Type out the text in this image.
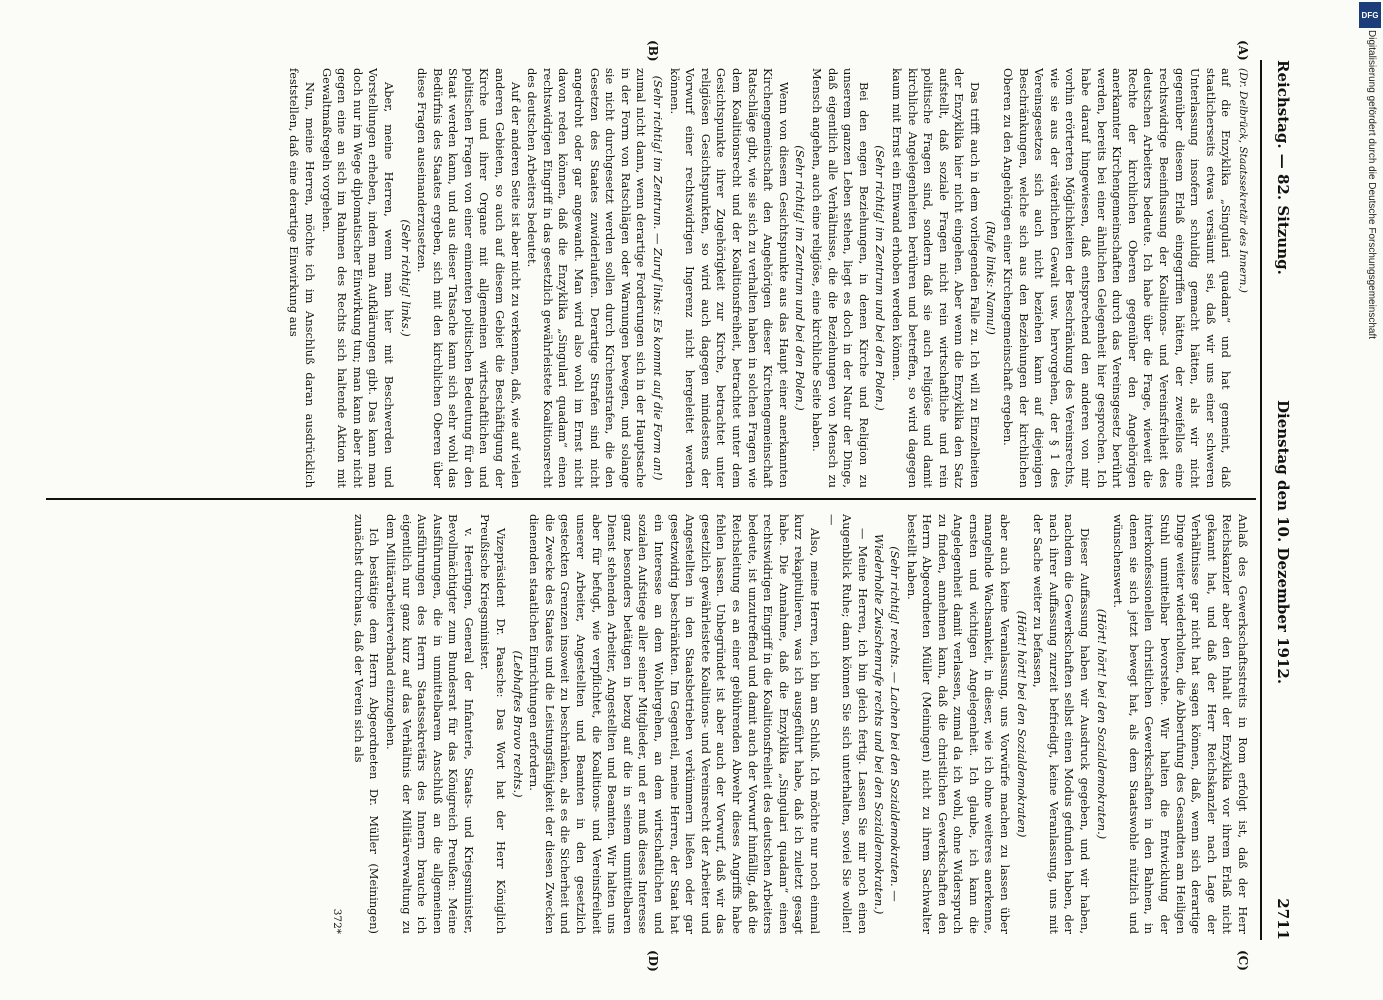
Reichstag. — 82. Sitzung.
Dienstag den 10. Dezember 1912.
2711
(A)
(B)
(C)
(D)

(Dr. Delbrück, Staatssekretär des Innern.)

auf die Enzyklika „Singulari quadam“ und hat gemeint, daß staatlicherseits etwas versäumt sei, daß wir uns einer schweren Unterlassung insofern schuldig gemacht hätten, als wir nicht gegenüber diesem Erlaß eingegriffen hätten, der zweifellos eine rechtswidrige Beeinflussung der Koalitions- und Vereinsfreiheit des deutschen Arbeiters bedeute. Ich habe über die Frage, wieweit die Rechte der kirchlichen Oberen gegenüber den Angehörigen anerkannter Kirchengemeinschaften durch das Vereinsgesetz berührt werden, bereits bei einer ähnlichen Gelegenheit hier gesprochen. Ich habe darauf hingewiesen, daß entsprechend den anderen von mir vorhin erörterten Möglichkeiten der Beschränkung des Vereinsrechts, wie sie aus der väterlichen Gewalt usw. hervorgehen, der § 1 des Vereinsgesetzes sich auch nicht beziehen kann auf diejenigen Beschränkungen, welche sich aus den Beziehungen der kirchlichen Oberen zu den Angehörigen einer Kirchengemeinschaft ergeben.

(Rufe links: Namu!)

Das trifft auch in dem vorliegenden Falle zu. Ich will zu Einzelheiten der Enzyklika hier nicht eingehen. Aber wenn die Enzyklika den Satz aufstellt, daß soziale Fragen nicht rein wirtschaftliche und rein politische Fragen sind, sondern daß sie auch religiöse und damit kirchliche Angelegenheiten berühren und betreffen, so wird dagegen kaum mit Ernst ein Einwand erhoben werden können.

(Sehr richtig! im Zentrum und bei den Polen.)

Bei den engen Beziehungen, in denen Kirche und Religion zu unserem ganzen Leben stehen, liegt es doch in der Natur der Dinge, daß eigentlich alle Verhältnisse, die die Beziehungen von Mensch zu Mensch angehen, auch eine religiöse, eine kirchliche Seite haben.

(Sehr richtig! im Zentrum und bei den Polen.)

Wenn von diesem Gesichtspunkte aus das Haupt einer anerkannten Kirchengemeinschaft den Angehörigen dieser Kirchengemeinschaft Ratschläge gibt, wie sie sich zu verhalten haben in solchen Fragen wie dem Koalitionsrecht und der Koalitionsfreiheit, betrachtet unter dem Gesichtspunkte ihrer Zugehörigkeit zur Kirche, betrachtet unter religiösen Gesichtspunkten, so wird auch dagegen mindestens der Vorwurf einer rechtswidrigen Ingerenz nicht hergeleitet werden können.

(Sehr richtig! im Zentrum. — Zuruf links: Es kommt auf die Form an!)

zumal nicht dann, wenn derartige Forderungen sich in der Hauptsache in der Form von Ratschlägen oder Warnungen bewegen, und solange sie nicht durchgesetzt werden sollen durch Kirchenstrafen, die den Gesetzen des Staates zuwiderlaufen. Derartige Strafen sind nicht angedroht oder gar angewandt. Man wird also wohl im Ernst nicht davon reden können, daß die Enzyklika „Singulari quadam“ einen rechtswidrigen Eingriff in das gesetzlich gewährleistete Koalitionsrecht des deutschen Arbeiters bedeutet.

Auf der anderen Seite ist aber nicht zu verkennen, daß, wie auf vielen anderen Gebieten, so auch auf diesem Gebiet die Beschäftigung der Kirche und ihrer Organe mit allgemeinen wirtschaftlichen und politischen Fragen von einer eminenten politischen Bedeutung für den Staat werden kann, und aus dieser Tatsache kann sich sehr wohl das Bedürfnis des Staates ergeben, sich mit den kirchlichen Oberen über diese Fragen auseinanderzusetzen.

(Sehr richtig! links.)

Aber, meine Herren, wenn man hier mit Beschwerden und Vorstellungen erheben, indem man Aufklärungen gibt. Das kann man doch nur im Wege diplomatischer Einwirkung tun; man kann aber nicht gegen eine an sich im Rahmen des Rechts sich haltende Aktion mit Gewaltmaßregeln vorgehen.

Nun, meine Herren, möchte ich im Anschluß daran ausdrücklich feststellen, daß eine derartige Einwirkung aus

Anlaß des Gewerkschaftsstreits in Rom erfolgt ist, daß der Herr Reichskanzler aber den Inhalt der Enzyklika vor ihrem Erlaß nicht gekannt hat, und daß der Herr Reichskanzler nach Lage der Verhältnisse gar nicht hat sagen können, daß, wenn sich derartige Dinge weiter wiederholten, die Abberufung des Gesandten am Heiligen Stuhl unmittelbar bevorstehe. Wir halten die Entwicklung der interkonfessionellen christlichen Gewerkschaften in den Bahnen, in denen sie sich jetzt bewegt hat, als dem Staatswohle nützlich und wünschenswert.

(Hört! hört! bei den Sozialdemokraten.)

Dieser Auffassung haben wir Ausdruck gegeben, und wir haben, nachdem die Gewerkschaften selbst einen Modus gefunden haben, der nach ihrer Auffassung zurzeit befriedigt, keine Veranlassung, uns mit der Sache weiter zu befassen,

(Hört! hört! bei den Sozialdemokraten)

aber auch keine Veranlassung, uns Vorwürfe machen zu lassen über mangelnde Wachsamkeit, in dieser, wie ich ohne weiteres anerkenne, ernsten und wichtigen Angelegenheit. Ich glaube, ich kann die Angelegenheit damit verlassen, zumal da ich wohl, ohne Widerspruch zu finden, annehmen kann, daß die christlichen Gewerkschaften den Herrn Abgeordneten Müller (Meiningen) nicht zu ihrem Sachwalter bestellt haben.

(Sehr richtig! rechts. — Lachen bei den Sozialdemokraten. — Wiederholte Zwischenrufe rechts und bei den Sozialdemokraten.)

— Meine Herren, ich bin gleich fertig. Lassen Sie mir noch einen Augenblick Ruhe; dann können Sie sich unterhalten, soviel Sie wollen! —

Also, meine Herren, ich bin am Schluß. Ich möchte nur noch einmal kurz rekapitulieren, was ich ausgeführt habe, daß ich zuletzt gesagt habe. Die Annahme, daß die Enzyklika „Singulari quadam“ einen rechtswidrigen Eingriff in die Koalitionsfreiheit des deutschen Arbeiters bedeute, ist unzutreffend und damit auch der Vorwurf hinfällig, daß die Reichsleitung es an einer gebührenden Abwehr dieses Angriffs habe fehlen lassen. Unbegründet ist aber auch der Vorwurf, daß wir das gesetzlich gewährleistete Koalitions- und Vereinsrecht der Arbeiter und Angestellten in den Staatsbetrieben verkümmern ließen oder gar gesetzwidrig beschränkten. Im Gegenteil, meine Herren, der Staat hat ein Interesse an dem Wohlergehen, an dem wirtschaftlichen und sozialen Aufstiege aller seiner Mitglieder, und er muß dieses Interesse ganz besonders betätigen in bezug auf die in seinem unmittelbaren Dienst stehenden Arbeiter, Angestellten und Beamten. Wir halten uns aber für befugt, wie verpflichtet, die Koalitions- und Vereinsfreiheit unserer Arbeiter, Angestellten und Beamten in den gesetzlich gesteckten Grenzen insoweit zu beschränken, als es die Sicherheit und die Zwecke des Staates und die Leistungsfähigkeit der diesen Zwecken dienenden staatlichen Einrichtungen erfordern.

(Lebhaftes Bravo rechts.)

Vizepräsident Dr. Paasche: Das Wort hat der Herr Königlich Preußische Kriegsminister.

v. Heeringen, General der Infanterie, Staats- und Kriegsminister, Bevollmächtigter zum Bundesrat für das Königreich Preußen: Meine Ausführungen, die in unmittelbarem Anschluß an die allgemeinen Ausführungen des Herrn Staatssekretärs des Innern brauche ich eigentlich nur ganz kurz auf das Verhältnis der Militärverwaltung zu dem Militärarbeiterverband einzugehen.

Ich bestätige dem Herrn Abgeordneten Dr. Müller (Meiningen) zunächst durchaus, daß der Verein sich als

372*

Digitalisierung gefördert durch die Deutsche Forschungsgemeinschaft
DFG
